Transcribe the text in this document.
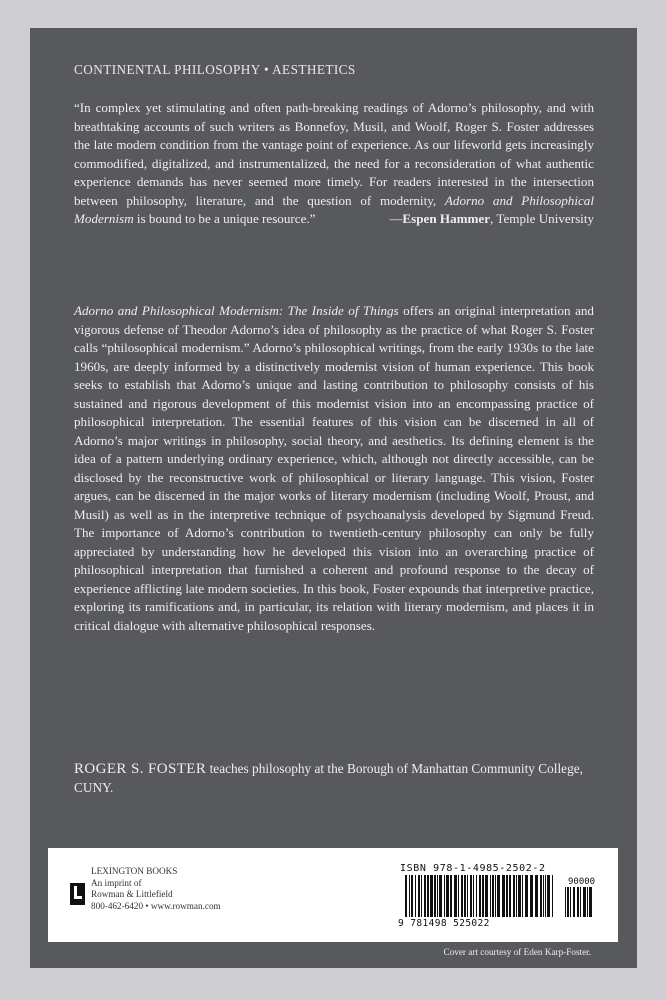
CONTINENTAL PHILOSOPHY • AESTHETICS
“In complex yet stimulating and often path-breaking readings of Adorno’s philosophy, and with breathtaking accounts of such writers as Bonnefoy, Musil, and Woolf, Roger S. Foster addresses the late modern condition from the vantage point of experience. As our lifeworld gets increasingly commodified, digitalized, and instrumentalized, the need for a reconsideration of what authentic experience demands has never seemed more timely. For readers interested in the intersection between philosophy, literature, and the question of modernity, Adorno and Philosophical Modernism is bound to be a unique resource.”	—Espen Hammer, Temple University
Adorno and Philosophical Modernism: The Inside of Things offers an original interpretation and vigorous defense of Theodor Adorno’s idea of philosophy as the practice of what Roger S. Foster calls “philosophical modernism.” Adorno’s philosophical writings, from the early 1930s to the late 1960s, are deeply informed by a distinctively modernist vision of human experience. This book seeks to establish that Adorno’s unique and lasting contribution to philosophy consists of his sustained and rigorous development of this modernist vision into an encompassing practice of philosophical interpretation. The essential features of this vision can be discerned in all of Adorno’s major writings in philosophy, social theory, and aesthetics. Its defining element is the idea of a pattern underlying ordinary experience, which, although not directly accessible, can be disclosed by the reconstructive work of philosophical or literary language. This vision, Foster argues, can be discerned in the major works of literary modernism (including Woolf, Proust, and Musil) as well as in the interpretive technique of psychoanalysis developed by Sigmund Freud. The importance of Adorno’s contribution to twentieth-century philosophy can only be fully appreciated by understanding how he developed this vision into an overarching practice of philosophical interpretation that furnished a coherent and profound response to the decay of experience afflicting late modern societies. In this book, Foster expounds that interpretive practice, exploring its ramifications and, in particular, its relation with literary modernism, and places it in critical dialogue with alternative philosophical responses.
ROGER S. FOSTER teaches philosophy at the Borough of Manhattan Community College, CUNY.
LEXINGTON BOOKS
An imprint of
Rowman & Littlefield
800-462-6420 • www.rowman.com
ISBN 978-1-4985-2502-2
90000
9 781498 525022
Cover art courtesy of Eden Karp-Foster.
